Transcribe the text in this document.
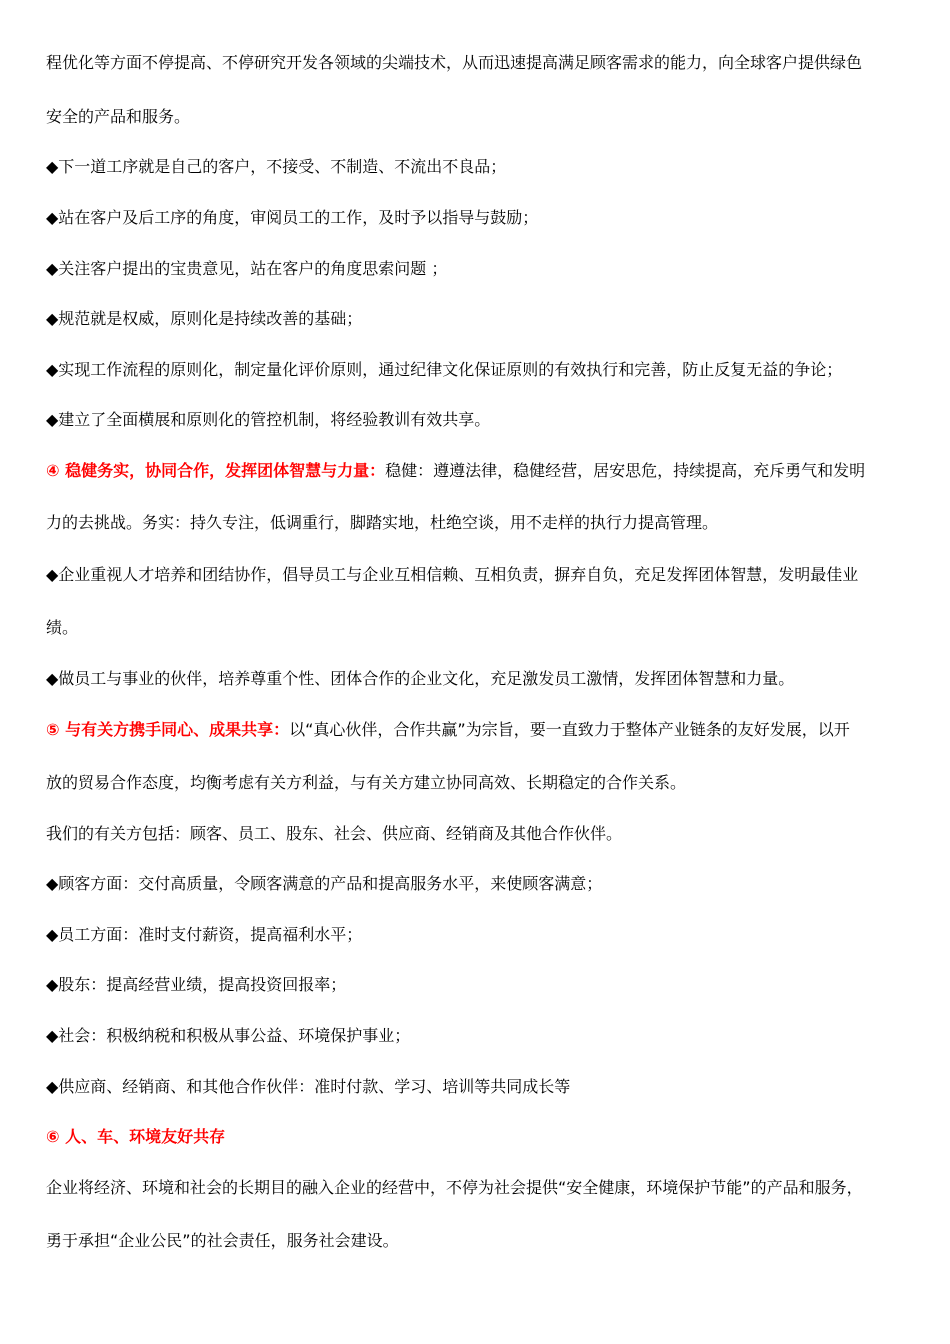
程优化等方面不停提高、不停研究开发各领域的尖端技术，从而迅速提高满足顾客需求的能力，向全球客户提供绿色
安全的产品和服务。
◆下一道工序就是自己的客户，不接受、不制造、不流出不良品；
◆站在客户及后工序的角度，审阅员工的工作，及时予以指导与鼓励；
◆关注客户提出的宝贵意见，站在客户的角度思索问题 ；
◆规范就是权威，原则化是持续改善的基础；
◆实现工作流程的原则化，制定量化评价原则，通过纪律文化保证原则的有效执行和完善，防止反复无益的争论；
◆建立了全面横展和原则化的管控机制，将经验教训有效共享。
④ 稳健务实，协同合作，发挥团体智慧与力量：稳健：遵遵法律，稳健经营，居安思危，持续提高，充斥勇气和发明
力的去挑战。务实：持久专注，低调重行，脚踏实地，杜绝空谈，用不走样的执行力提高管理。
◆企业重视人才培养和团结协作，倡导员工与企业互相信赖、互相负责，摒弃自负，充足发挥团体智慧，发明最佳业
绩。
◆做员工与事业的伙伴，培养尊重个性、团体合作的企业文化，充足激发员工激情，发挥团体智慧和力量。
⑤ 与有关方携手同心、成果共享：以“真心伙伴，合作共赢”为宗旨，要一直致力于整体产业链条的友好发展，以开
放的贸易合作态度，均衡考虑有关方利益，与有关方建立协同高效、长期稳定的合作关系。
我们的有关方包括：顾客、员工、股东、社会、供应商、经销商及其他合作伙伴。
◆顾客方面：交付高质量，令顾客满意的产品和提高服务水平，来使顾客满意；
◆员工方面：准时支付薪资，提高福利水平；
◆股东：提高经营业绩，提高投资回报率；
◆社会：积极纳税和积极从事公益、环境保护事业；
◆供应商、经销商、和其他合作伙伴：准时付款、学习、培训等共同成长等
⑥ 人、车、环境友好共存
企业将经济、环境和社会的长期目的融入企业的经营中，不停为社会提供“安全健康，环境保护节能”的产品和服务，
勇于承担“企业公民”的社会责任，服务社会建设。
